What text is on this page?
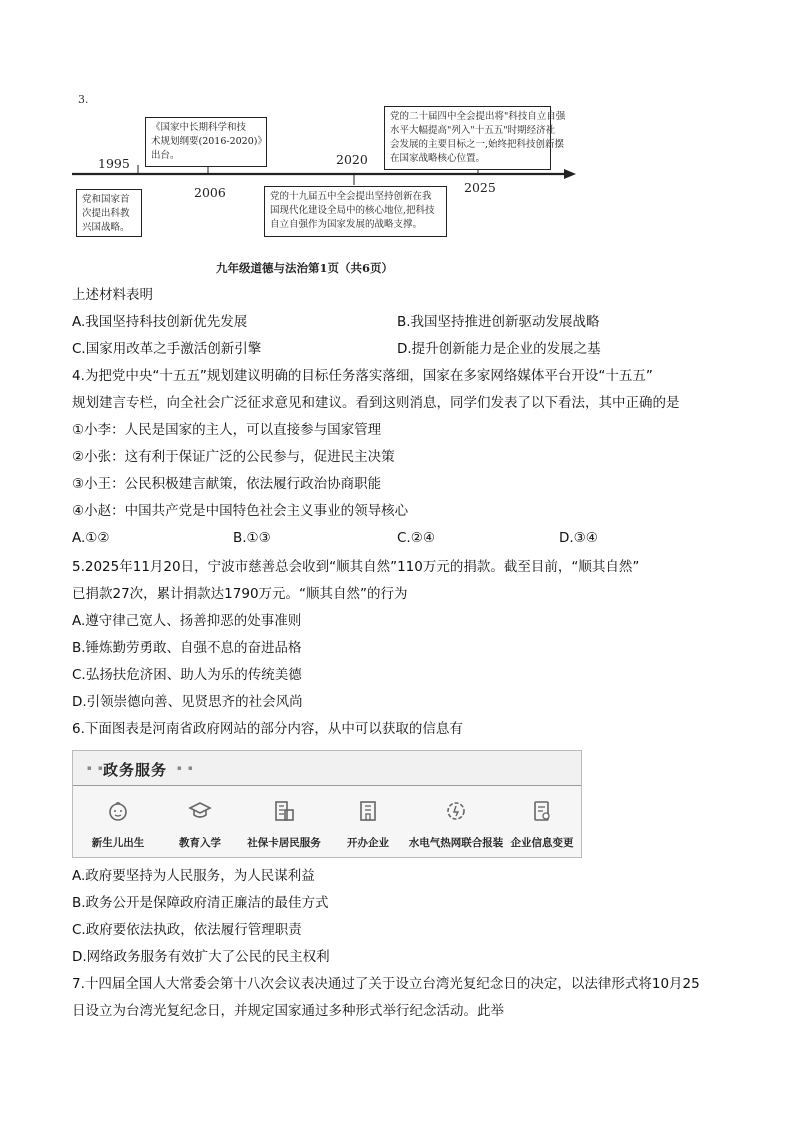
3.
1995
2006
2020
2025
党和国家首
次提出科教
兴国战略。
《国家中长期科学和技
术规划纲要(2016-2020)》
出台。
党的十九届五中全会提出坚持创新在我
国现代化建设全局中的核心地位,把科技
自立自强作为国家发展的战略支撑。
党的二十届四中全会提出将"科技自立自强
水平大幅提高"列入"十五五"时期经济社
会发展的主要目标之一,始终把科技创新摆
在国家战略核心位置。
九年级道德与法治第1页（共6页）
上述材料表明
A.我国坚持科技创新优先发展	B.我国坚持推进创新驱动发展战略
C.国家用改革之手激活创新引擎	D.提升创新能力是企业的发展之基
4.为把党中央“十五五”规划建议明确的目标任务落实落细，国家在多家网络媒体平台开设“十五五”
规划建言专栏，向全社会广泛征求意见和建议。看到这则消息，同学们发表了以下看法，其中正确的是
①小李：人民是国家的主人，可以直接参与国家管理
②小张：这有利于保证广泛的公民参与，促进民主决策
③小王：公民积极建言献策，依法履行政治协商职能
④小赵：中国共产党是中国特色社会主义事业的领导核心
A.①②	B.①③	C.②④	D.③④
5.2025年11月20日，宁波市慈善总会收到“顺其自然”110万元的捐款。截至目前，“顺其自然”
已捐款27次，累计捐款达1790万元。“顺其自然”的行为
A.遵守律己宽人、扬善抑恶的处事准则
B.锤炼勤劳勇敢、自强不息的奋进品格
C.弘扬扶危济困、助人为乐的传统美德
D.引领崇德向善、见贤思齐的社会风尚
6.下面图表是河南省政府网站的部分内容，从中可以获取的信息有
▪ ▪
政务服务 ▪ ▪
新生儿出生	教育入学	社保卡居民服务	开办企业	水电气热网联合报装 企业信息变更
A.政府要坚持为人民服务，为人民谋利益
B.政务公开是保障政府清正廉洁的最佳方式
C.政府要依法执政，依法履行管理职责
D.网络政务服务有效扩大了公民的民主权利
7.十四届全国人大常委会第十八次会议表决通过了关于设立台湾光复纪念日的决定，以法律形式将10月25
日设立为台湾光复纪念日，并规定国家通过多种形式举行纪念活动。此举
